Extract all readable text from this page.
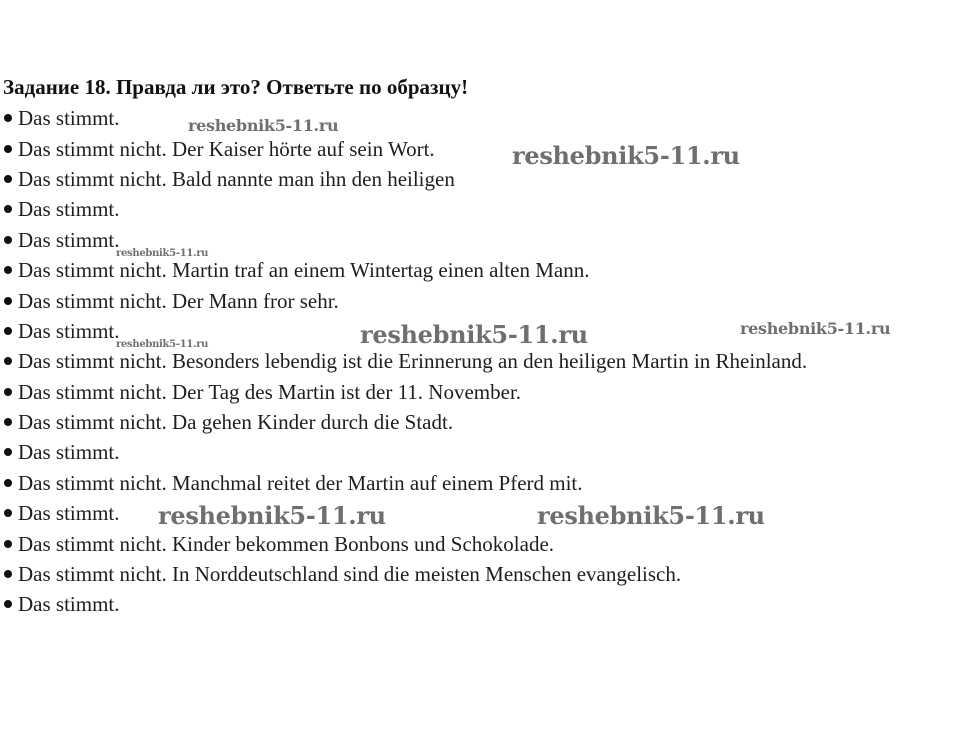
Задание 18. Правда ли это? Ответьте по образцу!
Das stimmt.
Das stimmt nicht. Der Kaiser hörte auf sein Wort.
Das stimmt nicht. Bald nannte man ihn den heiligen
Das stimmt.
Das stimmt.
Das stimmt nicht. Martin traf an einem Wintertag einen alten Mann.
Das stimmt nicht. Der Mann fror sehr.
Das stimmt.
Das stimmt nicht. Besonders lebendig ist die Erinnerung an den heiligen Martin in Rheinland.
Das stimmt nicht. Der Tag des Martin ist der 11. November.
Das stimmt nicht. Da gehen Kinder durch die Stadt.
Das stimmt.
Das stimmt nicht. Manchmal reitet der Martin auf einem Pferd mit.
Das stimmt.
Das stimmt nicht. Kinder bekommen Bonbons und Schokolade.
Das stimmt nicht. In Norddeutschland sind die meisten Menschen evangelisch.
Das stimmt.
reshebnik5-11.ru
reshebnik5-11.ru
reshebnik5-11.ru
reshebnik5-11.ru	reshebnik5-11.ru
reshebnik5-11.ru
reshebnik5-11.ru	reshebnik5-11.ru
